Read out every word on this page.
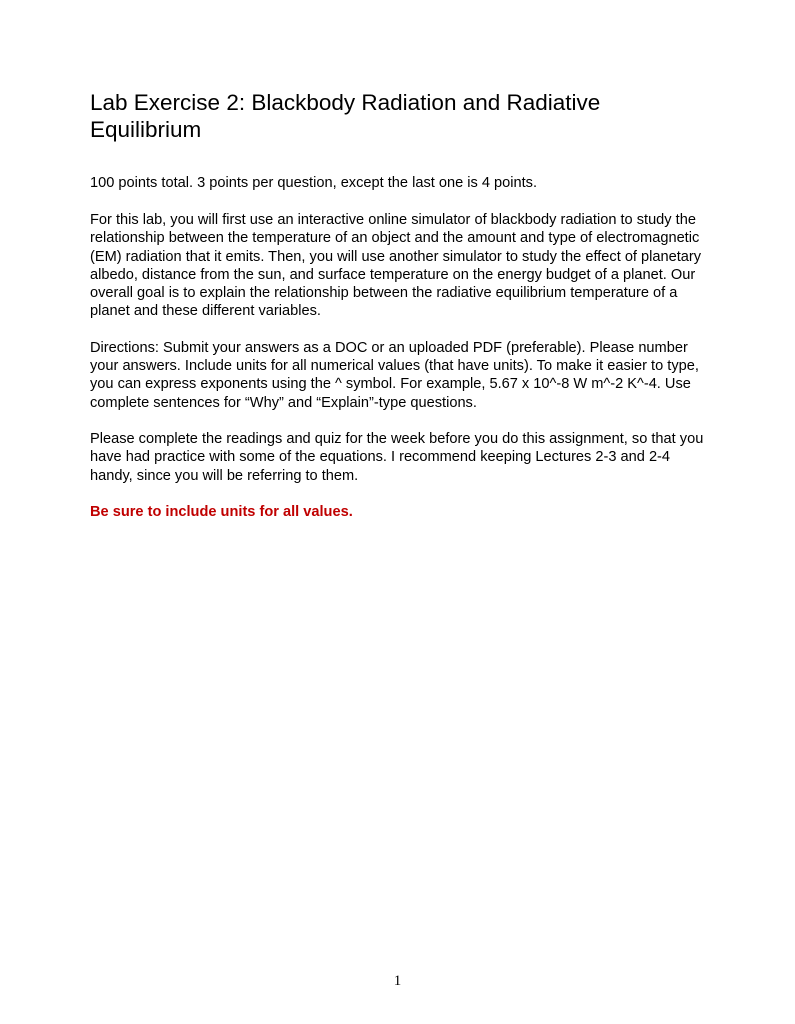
Lab Exercise 2: Blackbody Radiation and Radiative Equilibrium

100 points total. 3 points per question, except the last one is 4 points.

For this lab, you will first use an interactive online simulator of blackbody radiation to study the relationship between the temperature of an object and the amount and type of electromagnetic (EM) radiation that it emits. Then, you will use another simulator to study the effect of planetary albedo, distance from the sun, and surface temperature on the energy budget of a planet. Our overall goal is to explain the relationship between the radiative equilibrium temperature of a planet and these different variables.

Directions: Submit your answers as a DOC or an uploaded PDF (preferable). Please number your answers. Include units for all numerical values (that have units). To make it easier to type, you can express exponents using the ^ symbol. For example, 5.67 x 10^-8 W m^-2 K^-4. Use complete sentences for “Why” and “Explain”-type questions.

Please complete the readings and quiz for the week before you do this assignment, so that you have had practice with some of the equations. I recommend keeping Lectures 2-3 and 2-4 handy, since you will be referring to them.

Be sure to include units for all values.

1
